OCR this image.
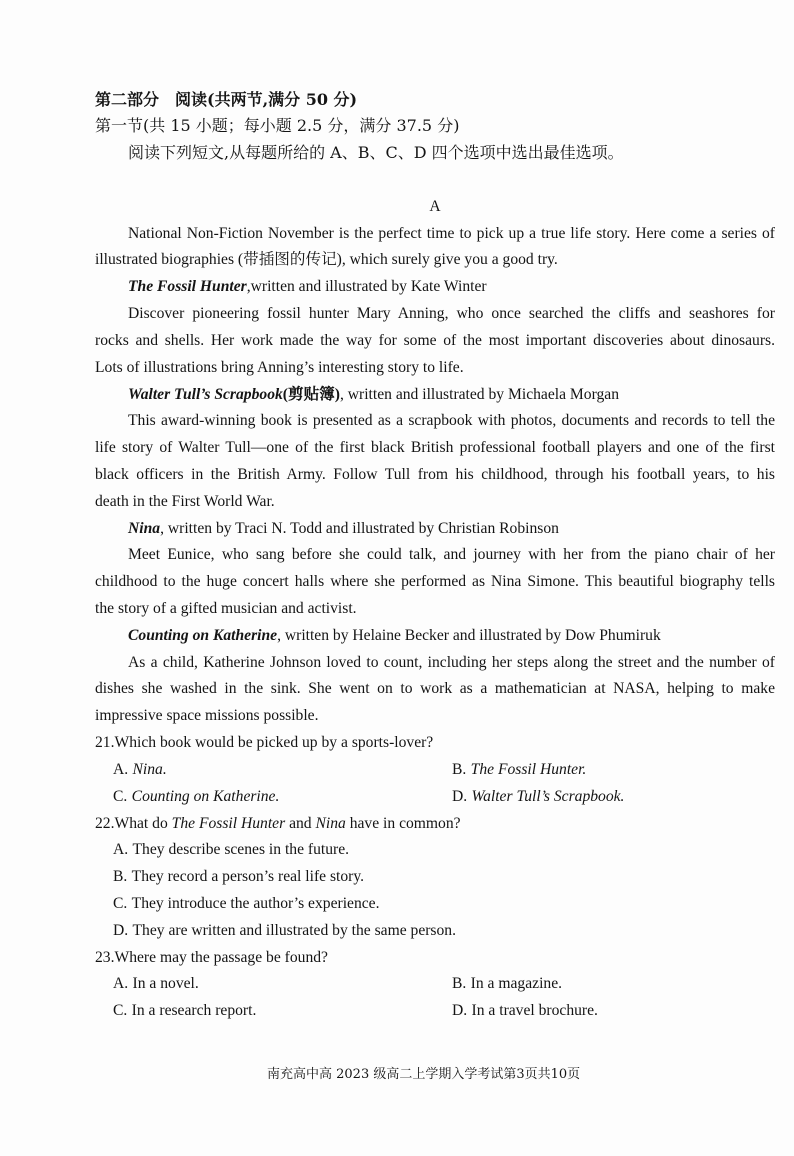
第二部分　阅读(共两节,满分 50 分)
第一节(共 15 小题；每小题 2.5 分，满分 37.5 分)
阅读下列短文,从每题所给的 A、B、C、D 四个选项中选出最佳选项。
A
National Non-Fiction November is the perfect time to pick up a true life story. Here come a series of
illustrated biographies (带插图的传记), which surely give you a good try.
The Fossil Hunter,written and illustrated by Kate Winter
Discover pioneering fossil hunter Mary Anning, who once searched the cliffs and seashores for
rocks and shells. Her work made the way for some of the most important discoveries about dinosaurs.
Lots of illustrations bring Anning’s interesting story to life.
Walter Tull’s Scrapbook(剪贴簿), written and illustrated by Michaela Morgan
This award-winning book is presented as a scrapbook with photos, documents and records to tell the
life story of Walter Tull—one of the first black British professional football players and one of the first
black officers in the British Army. Follow Tull from his childhood, through his football years, to his
death in the First World War.
Nina, written by Traci N. Todd and illustrated by Christian Robinson
Meet Eunice, who sang before she could talk, and journey with her from the piano chair of her
childhood to the huge concert halls where she performed as Nina Simone. This beautiful biography tells
the story of a gifted musician and activist.
Counting on Katherine, written by Helaine Becker and illustrated by Dow Phumiruk
As a child, Katherine Johnson loved to count, including her steps along the street and the number of
dishes she washed in the sink. She went on to work as a mathematician at NASA, helping to make
impressive space missions possible.
21.Which book would be picked up by a sports-lover?
A. Nina.	B. The Fossil Hunter.
C. Counting on Katherine.	D. Walter Tull’s Scrapbook.
22.What do The Fossil Hunter and Nina have in common?
A. They describe scenes in the future.
B. They record a person’s real life story.
C. They introduce the author’s experience.
D. They are written and illustrated by the same person.
23.Where may the passage be found?
A. In a novel.	B. In a magazine.
C. In a research report.	D. In a travel brochure.
南充高中高 2023 级高二上学期入学考试第3页共10页
